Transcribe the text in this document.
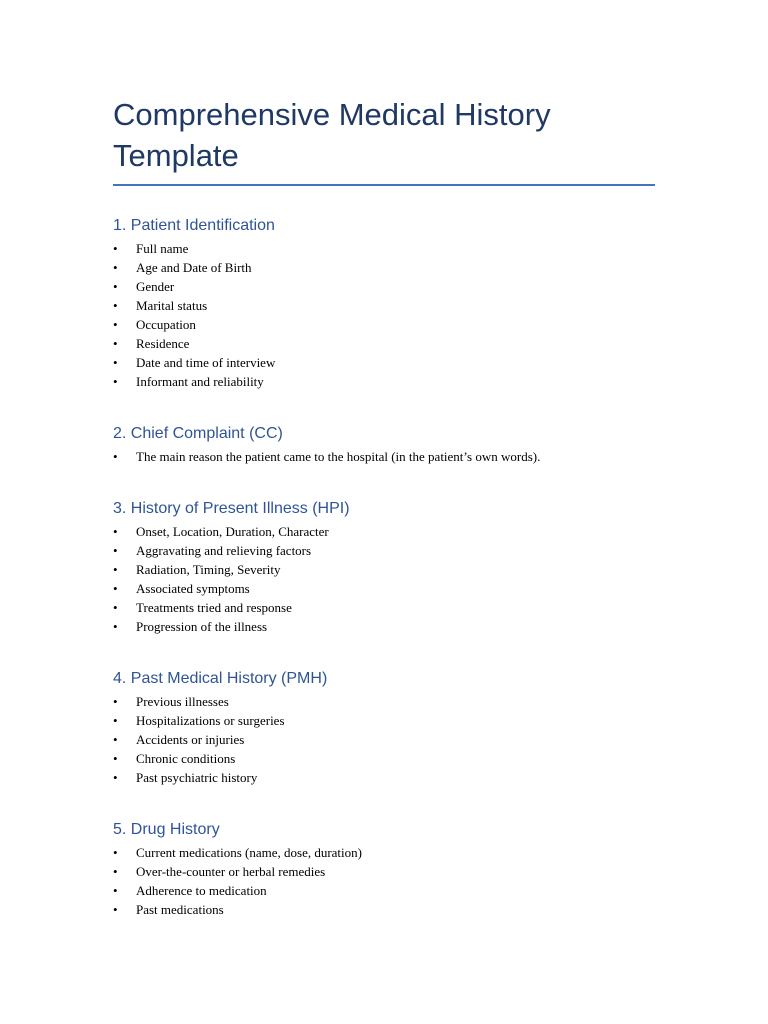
Comprehensive Medical History
Template
1. Patient Identification
•	Full name
•	Age and Date of Birth
•	Gender
•	Marital status
•	Occupation
•	Residence
•	Date and time of interview
•	Informant and reliability
2. Chief Complaint (CC)
•	The main reason the patient came to the hospital (in the patient’s own words).
3. History of Present Illness (HPI)
•	Onset, Location, Duration, Character
•	Aggravating and relieving factors
•	Radiation, Timing, Severity
•	Associated symptoms
•	Treatments tried and response
•	Progression of the illness
4. Past Medical History (PMH)
•	Previous illnesses
•	Hospitalizations or surgeries
•	Accidents or injuries
•	Chronic conditions
•	Past psychiatric history
5. Drug History
•	Current medications (name, dose, duration)
•	Over-the-counter or herbal remedies
•	Adherence to medication
•	Past medications
